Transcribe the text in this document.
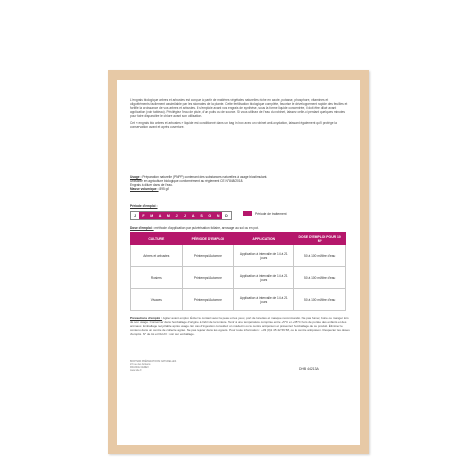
L'engrais biologique arbres et arbustes est conçue à partir de matières végétales naturelles riche en azote, potasse, phosphore, vitamines et oligoéléments facilement assimilable par les stomates de la plante. Cette fertilisation biologique complète, favorise le développement rapide des feuilles et fortifie la croissance de vos arbres et arbustes. Il s'emploie avant vos engrais de synthèse, sous la forme liquide concentrée, il doit être dilué avant application (voir tableau). Privilégiez l'eau de pluie, d'un puits ou de source. Si vous utilisez de l'eau du robinet, laissez celle-ci perdant quelques minutes pour faire disparaître le chlore avant son utilisation.

Cet « engrais bio arbres et arbustes » liquide est conditionné dans un bag in box avec un robinet anti-oxydation, laissant également qu'il protège la conservation avant et après ouverture.

Usage : Préparation naturelle (PNPP) contenant des substances naturelles à usage biostimulant.
Utilisable en agriculture biologique conformément au règlement CE N°848/2018.
Engrais à diluer dans de l'eau.
Masse volumique : 895 g/l
Période d'emploi :
J	F	M	A	M	J	J	A	S	O	N	D	Période de traitement
Dose d'emploi : méthode d'application par pulvérisation foliaire, arrosage au sol ou en pot.
CULTURE	PÉRIODE D'EMPLOI	APPLICATION	DOSE D'EMPLOI POUR 10 M²
Arbres et arbustes	Printemps/Automne	Application à intervalle de 14 à 21 jours	50 à 100 ml/litre d'eau
Rosiers	Printemps/Automne	Application à intervalle de 14 à 21 jours	50 à 100 ml/litre d'eau
Vivaces	Printemps/Automne	Application à intervalle de 14 à 21 jours	50 à 100 ml/litre d'eau
Précautions d'emploi : Agiter avant emploi. Éviter le contact avec la peau et les yeux, port de lunettes et masque recommandé. Ne pas fumer, boire ou manger lors de son usage. Conserver dans l'emballage d'origine à l'abri de la lumière. Tenir à une température comprise entre +5°C et +35°C hors de portée des enfants et des animaux. Emballage recyclable après usage. En cas d'ingestion consultez un médecin ou le centre antipoison et présentez l'emballage de ce produit. Éliminer le contenu dans un centre de collecte agréé. Ne pas rejeter dans les égouts. Pour toute information : +33 (0)1 45 42 59 58, ou le centre antipoison. Respecter les doses d'emploi. N° de lot et DLUO : voir sur emballage.
BIOPHAM PRÉPARATIONS NATURELLES
23 rue des Artisans
FRANCE CEDEX
www.site.fr	DHB 44213A
